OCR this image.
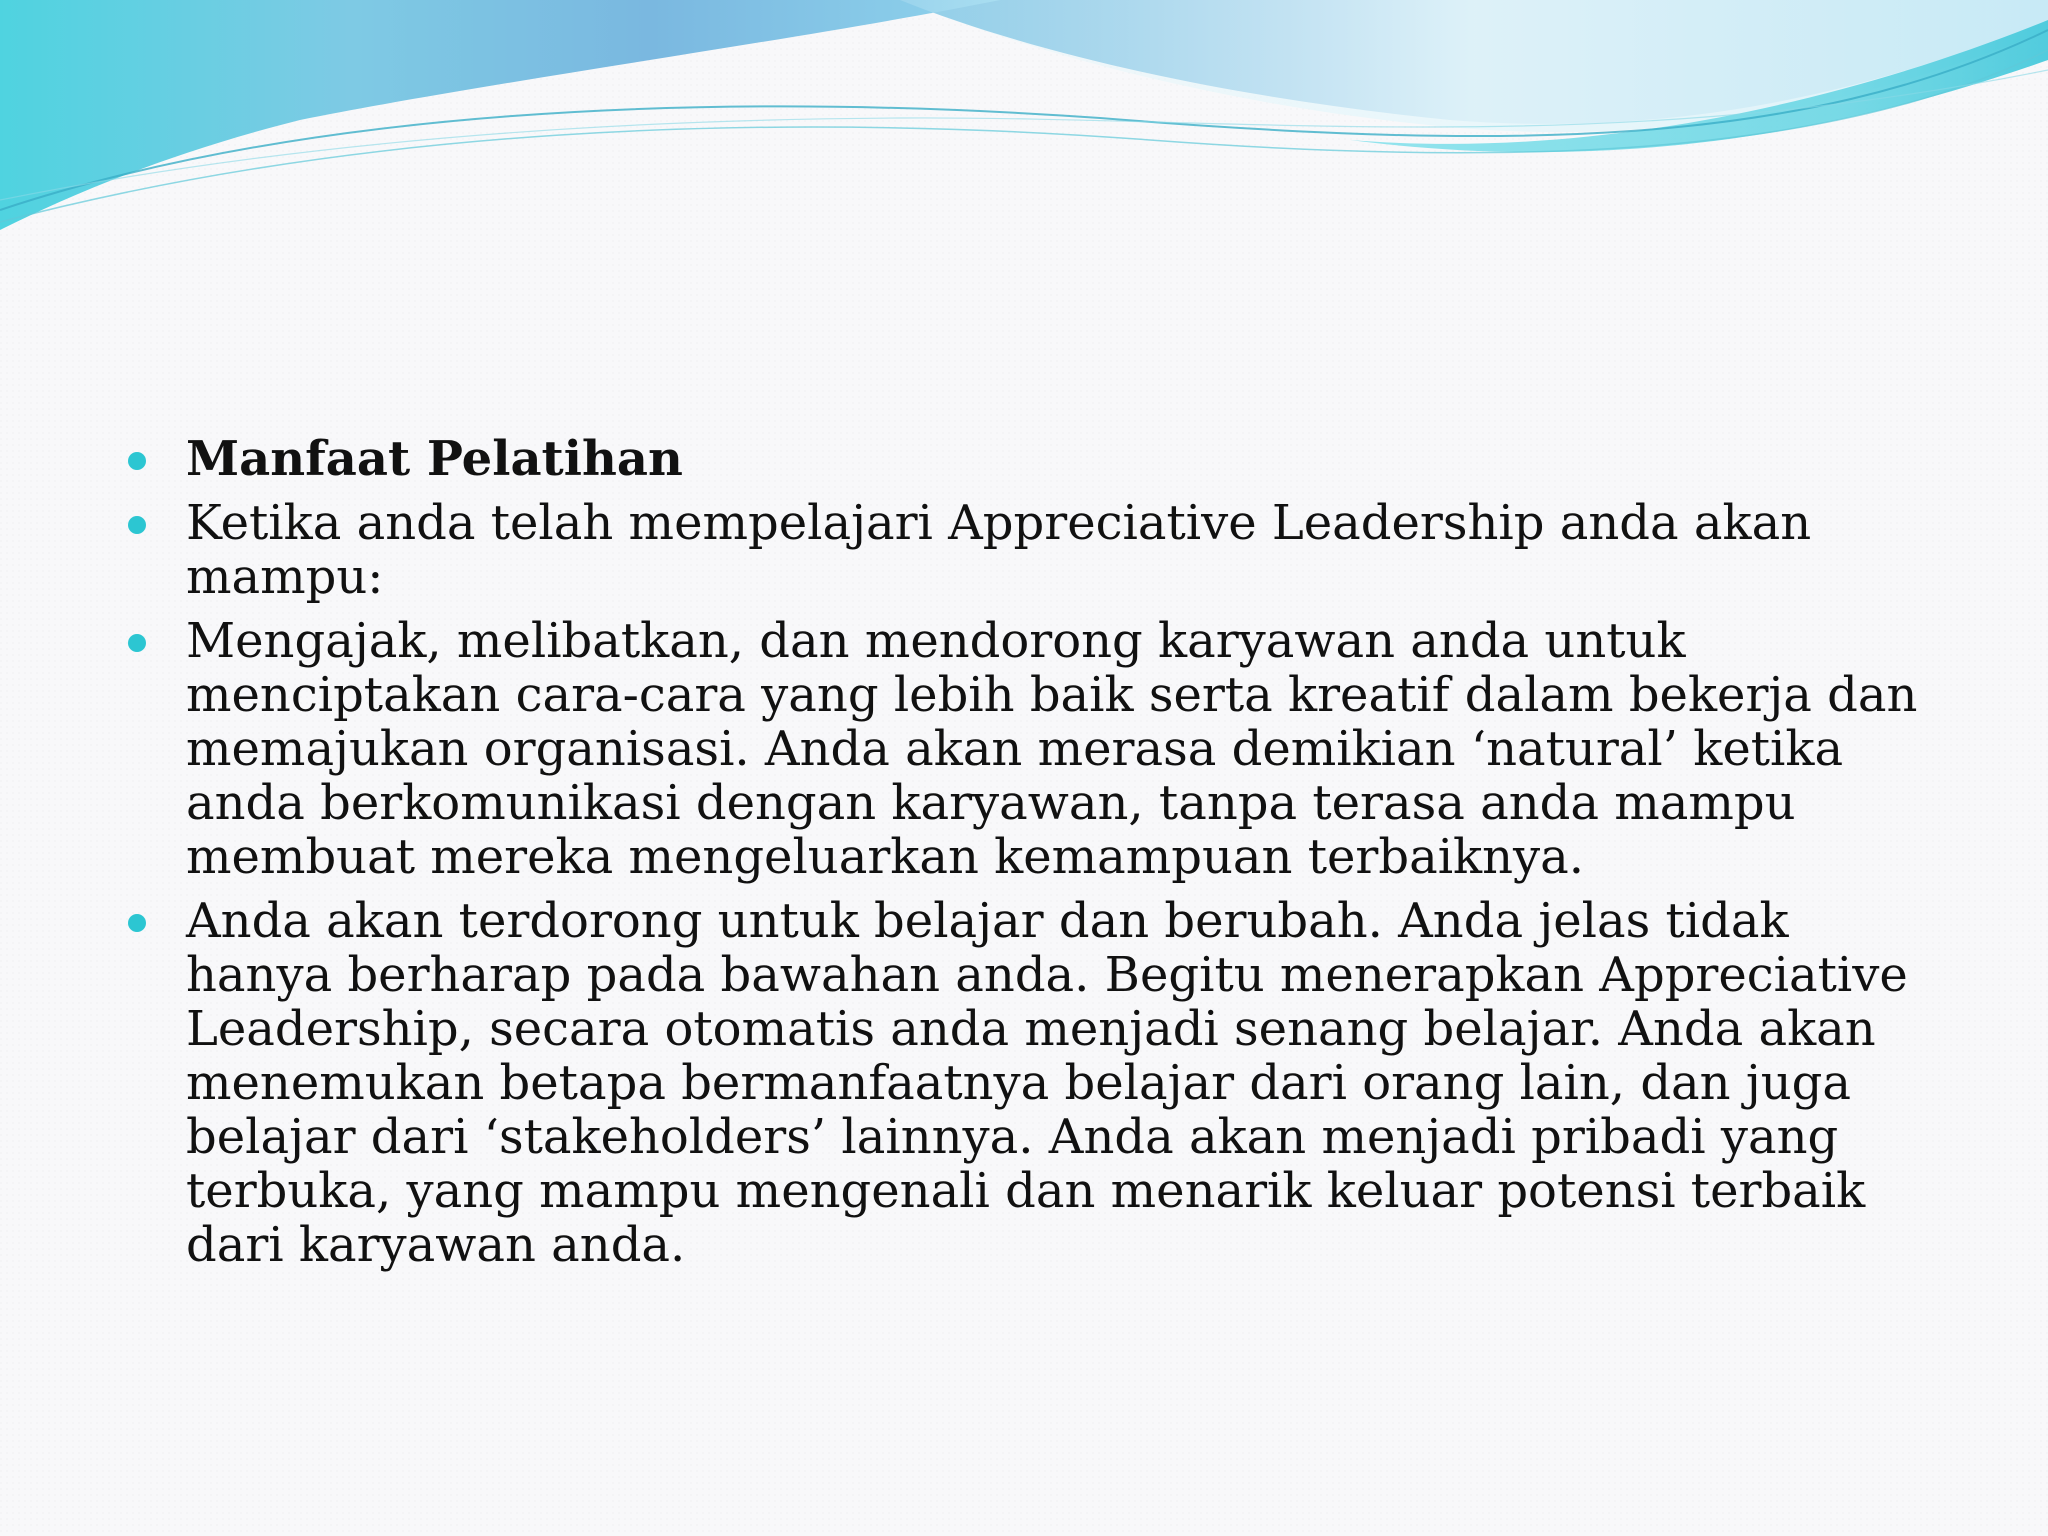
Manfaat Pelatihan
Ketika anda telah mempelajari Appreciative Leadership anda akan mampu:
Mengajak, melibatkan, dan mendorong karyawan anda untuk menciptakan cara-cara yang lebih baik serta kreatif dalam bekerja dan memajukan organisasi. Anda akan merasa demikian ‘natural’ ketika anda berkomunikasi dengan karyawan, tanpa terasa anda mampu membuat mereka mengeluarkan kemampuan terbaiknya.
Anda akan terdorong untuk belajar dan berubah. Anda jelas tidak hanya berharap pada bawahan anda. Begitu menerapkan Appreciative Leadership, secara otomatis anda menjadi senang belajar. Anda akan menemukan betapa bermanfaatnya belajar dari orang lain, dan juga belajar dari ‘stakeholders’ lainnya. Anda akan menjadi pribadi yang terbuka, yang mampu mengenali dan menarik keluar potensi terbaik dari karyawan anda.
